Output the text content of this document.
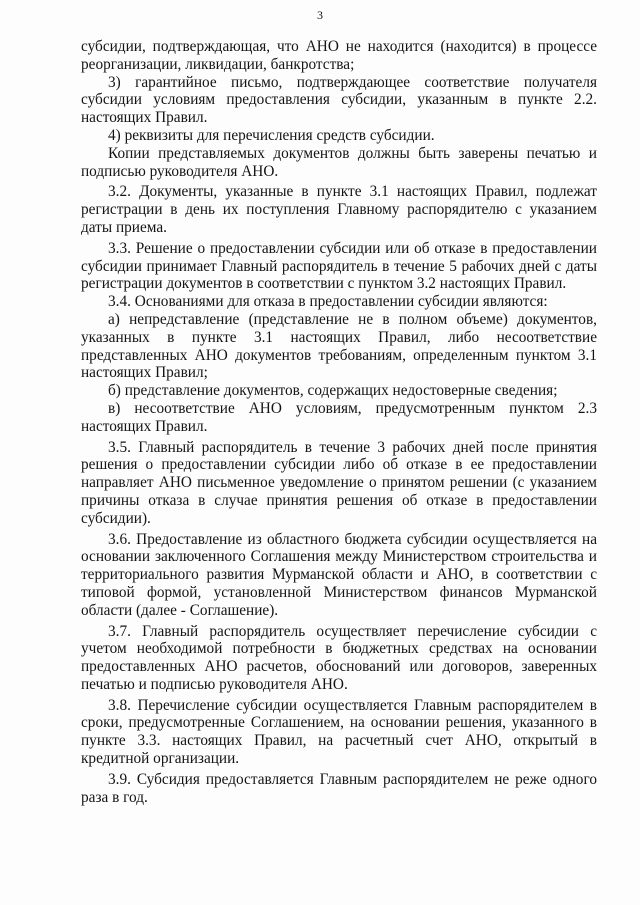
3

субсидии, подтверждающая, что АНО не находится (находится) в процессе реорганизации, ликвидации, банкротства;

3) гарантийное письмо, подтверждающее соответствие получателя субсидии условиям предоставления субсидии, указанным в пункте 2.2. настоящих Правил.

4) реквизиты для перечисления средств субсидии.

Копии представляемых документов должны быть заверены печатью и подписью руководителя АНО.

3.2. Документы, указанные в пункте 3.1 настоящих Правил, подлежат регистрации в день их поступления Главному распорядителю с указанием даты приема.

3.3. Решение о предоставлении субсидии или об отказе в предоставлении субсидии принимает Главный распорядитель в течение 5 рабочих дней с даты регистрации документов в соответствии с пунктом 3.2 настоящих Правил.

3.4. Основаниями для отказа в предоставлении субсидии являются:

а) непредставление (представление не в полном объеме) документов, указанных в пункте 3.1 настоящих Правил, либо несоответствие представленных АНО документов требованиям, определенным пунктом 3.1 настоящих Правил;

б) представление документов, содержащих недостоверные сведения;

в) несоответствие АНО условиям, предусмотренным пунктом 2.3 настоящих Правил.

3.5. Главный распорядитель в течение 3 рабочих дней после принятия решения о предоставлении субсидии либо об отказе в ее предоставлении направляет АНО письменное уведомление о принятом решении (с указанием причины отказа в случае принятия решения об отказе в предоставлении субсидии).

3.6. Предоставление из областного бюджета субсидии осуществляется на основании заключенного Соглашения между Министерством строительства и территориального развития Мурманской области и АНО, в соответствии с типовой формой, установленной Министерством финансов Мурманской области (далее - Соглашение).

3.7. Главный распорядитель осуществляет перечисление субсидии с учетом необходимой потребности в бюджетных средствах на основании предоставленных АНО расчетов, обоснований или договоров, заверенных печатью и подписью руководителя АНО.

3.8. Перечисление субсидии осуществляется Главным распорядителем в сроки, предусмотренные Соглашением, на основании решения, указанного в пункте 3.3. настоящих Правил, на расчетный счет АНО, открытый в кредитной организации.

3.9. Субсидия предоставляется Главным распорядителем не реже одного раза в год.
